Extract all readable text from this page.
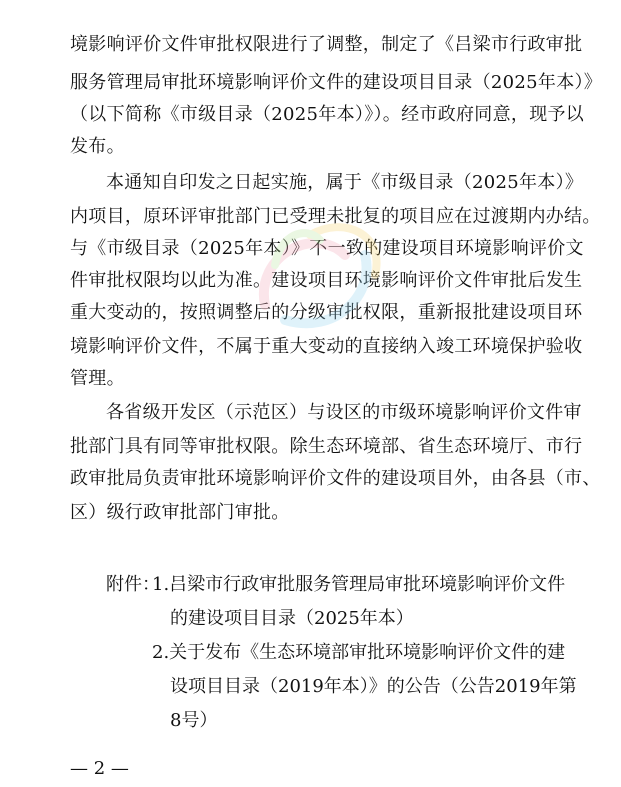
境影响评价文件审批权限进行了调整，制定了《吕梁市行政审批
服务管理局审批环境影响评价文件的建设项目目录（2025年本）》
（以下简称《市级目录（2025年本）》）。经市政府同意，现予以
发布。
本通知自印发之日起实施，属于《市级目录（2025年本）》
内项目，原环评审批部门已受理未批复的项目应在过渡期内办结。
与《市级目录（2025年本）》不一致的建设项目环境影响评价文
件审批权限均以此为准。建设项目环境影响评价文件审批后发生
重大变动的，按照调整后的分级审批权限，重新报批建设项目环
境影响评价文件，不属于重大变动的直接纳入竣工环境保护验收
管理。
各省级开发区（示范区）与设区的市级环境影响评价文件审
批部门具有同等审批权限。除生态环境部、省生态环境厅、市行
政审批局负责审批环境影响评价文件的建设项目外，由各县（市、
区）级行政审批部门审批。
附件：
1.吕梁市行政审批服务管理局审批环境影响评价文件
的建设项目目录（2025年本）
2.关于发布《生态环境部审批环境影响评价文件的建
设项目目录（2019年本）》的公告（公告2019年第
8号）
— 2 —
